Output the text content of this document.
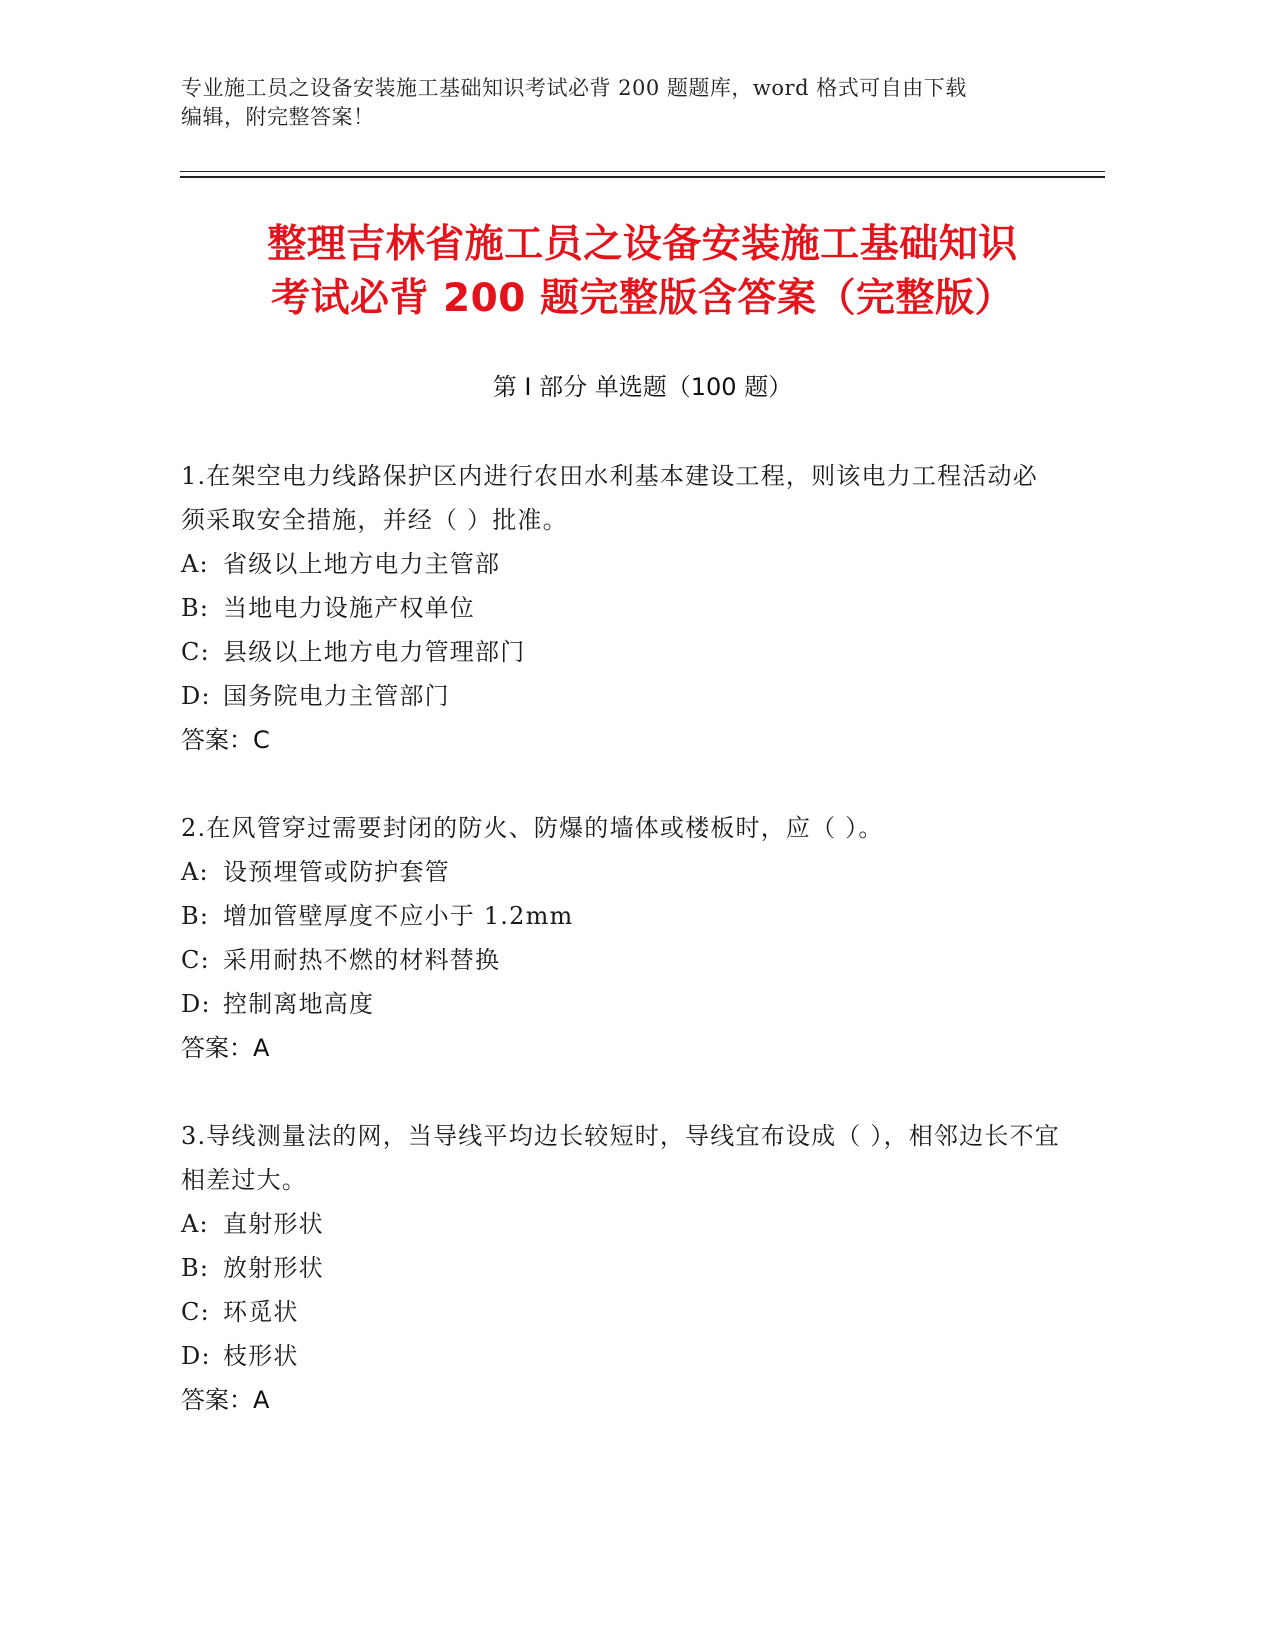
专业施工员之设备安装施工基础知识考试必背 200 题题库，word 格式可自由下载
编辑，附完整答案！
整理吉林省施工员之设备安装施工基础知识
考试必背 200 题完整版含答案（完整版）
第 I 部分 单选题（100 题）
1.在架空电力线路保护区内进行农田水利基本建设工程，则该电力工程活动必须采取安全措施，并经（ ）批准。
A: 省级以上地方电力主管部
B: 当地电力设施产权单位
C: 县级以上地方电力管理部门
D: 国务院电力主管部门
答案：C
2.在风管穿过需要封闭的防火、防爆的墙体或楼板时，应（ ）。
A: 设预埋管或防护套管
B: 增加管壁厚度不应小于 1.2mm
C: 采用耐热不燃的材料替换
D: 控制离地高度
答案：A
3.导线测量法的网，当导线平均边长较短时，导线宜布设成（ ），相邻边长不宜相差过大。
A: 直射形状
B: 放射形状
C: 环觅状
D: 枝形状
答案：A
